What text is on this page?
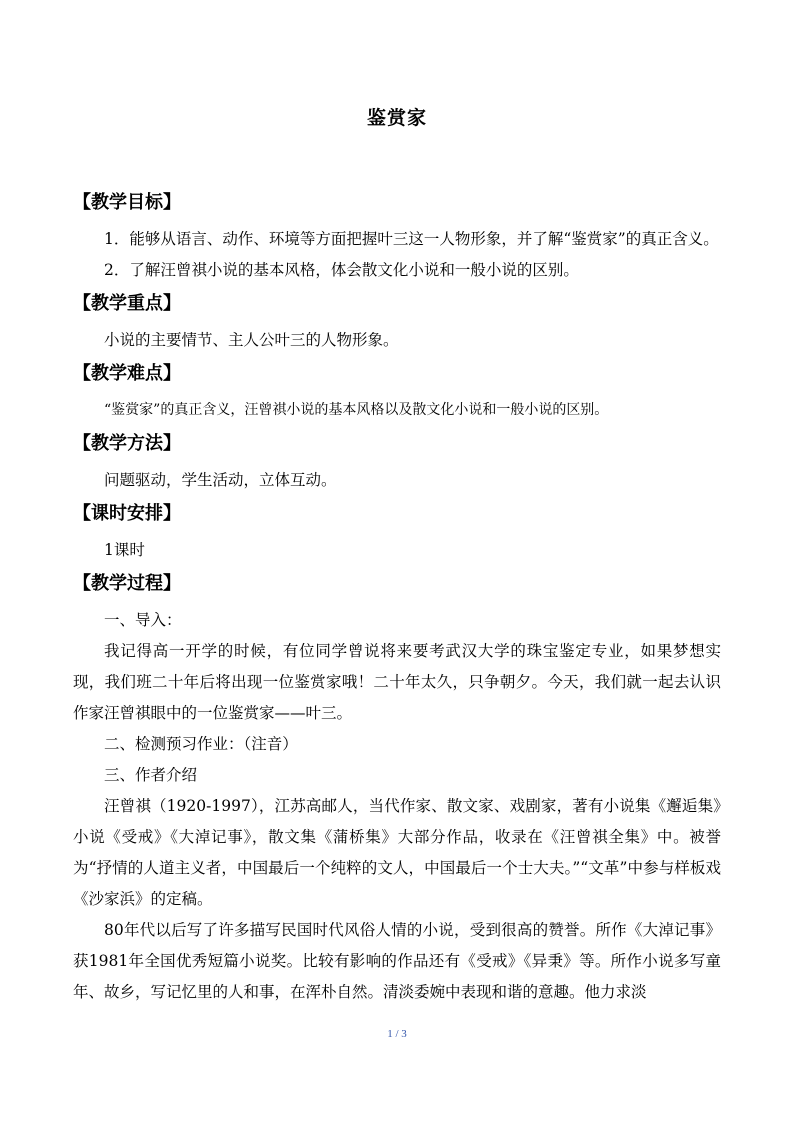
鉴赏家
【教学目标】

1．能够从语言、动作、环境等方面把握叶三这一人物形象，并了解“鉴赏家”的真正含义。

2．了解汪曾祺小说的基本风格，体会散文化小说和一般小说的区别。

【教学重点】

小说的主要情节、主人公叶三的人物形象。

【教学难点】

“鉴赏家”的真正含义，汪曾祺小说的基本风格以及散文化小说和一般小说的区别。

【教学方法】

问题驱动，学生活动，立体互动。

【课时安排】

1课时

【教学过程】

一、导入：

我记得高一开学的时候，有位同学曾说将来要考武汉大学的珠宝鉴定专业，如果梦想实现，我们班二十年后将出现一位鉴赏家哦！二十年太久，只争朝夕。今天，我们就一起去认识作家汪曾祺眼中的一位鉴赏家——叶三。

二、检测预习作业：（注音）

三、作者介绍

汪曾祺（1920-1997），江苏高邮人，当代作家、散文家、戏剧家，著有小说集《邂逅集》小说《受戒》《大淖记事》，散文集《蒲桥集》大部分作品，收录在《汪曾祺全集》中。被誉为“抒情的人道主义者，中国最后一个纯粹的文人，中国最后一个士大夫。”“文革”中参与样板戏《沙家浜》的定稿。

80年代以后写了许多描写民国时代风俗人情的小说，受到很高的赞誉。所作《大淖记事》获1981年全国优秀短篇小说奖。比较有影响的作品还有《受戒》《异秉》等。所作小说多写童年、故乡，写记忆里的人和事，在浑朴自然。清淡委婉中表现和谐的意趣。他力求淡

1 / 3
